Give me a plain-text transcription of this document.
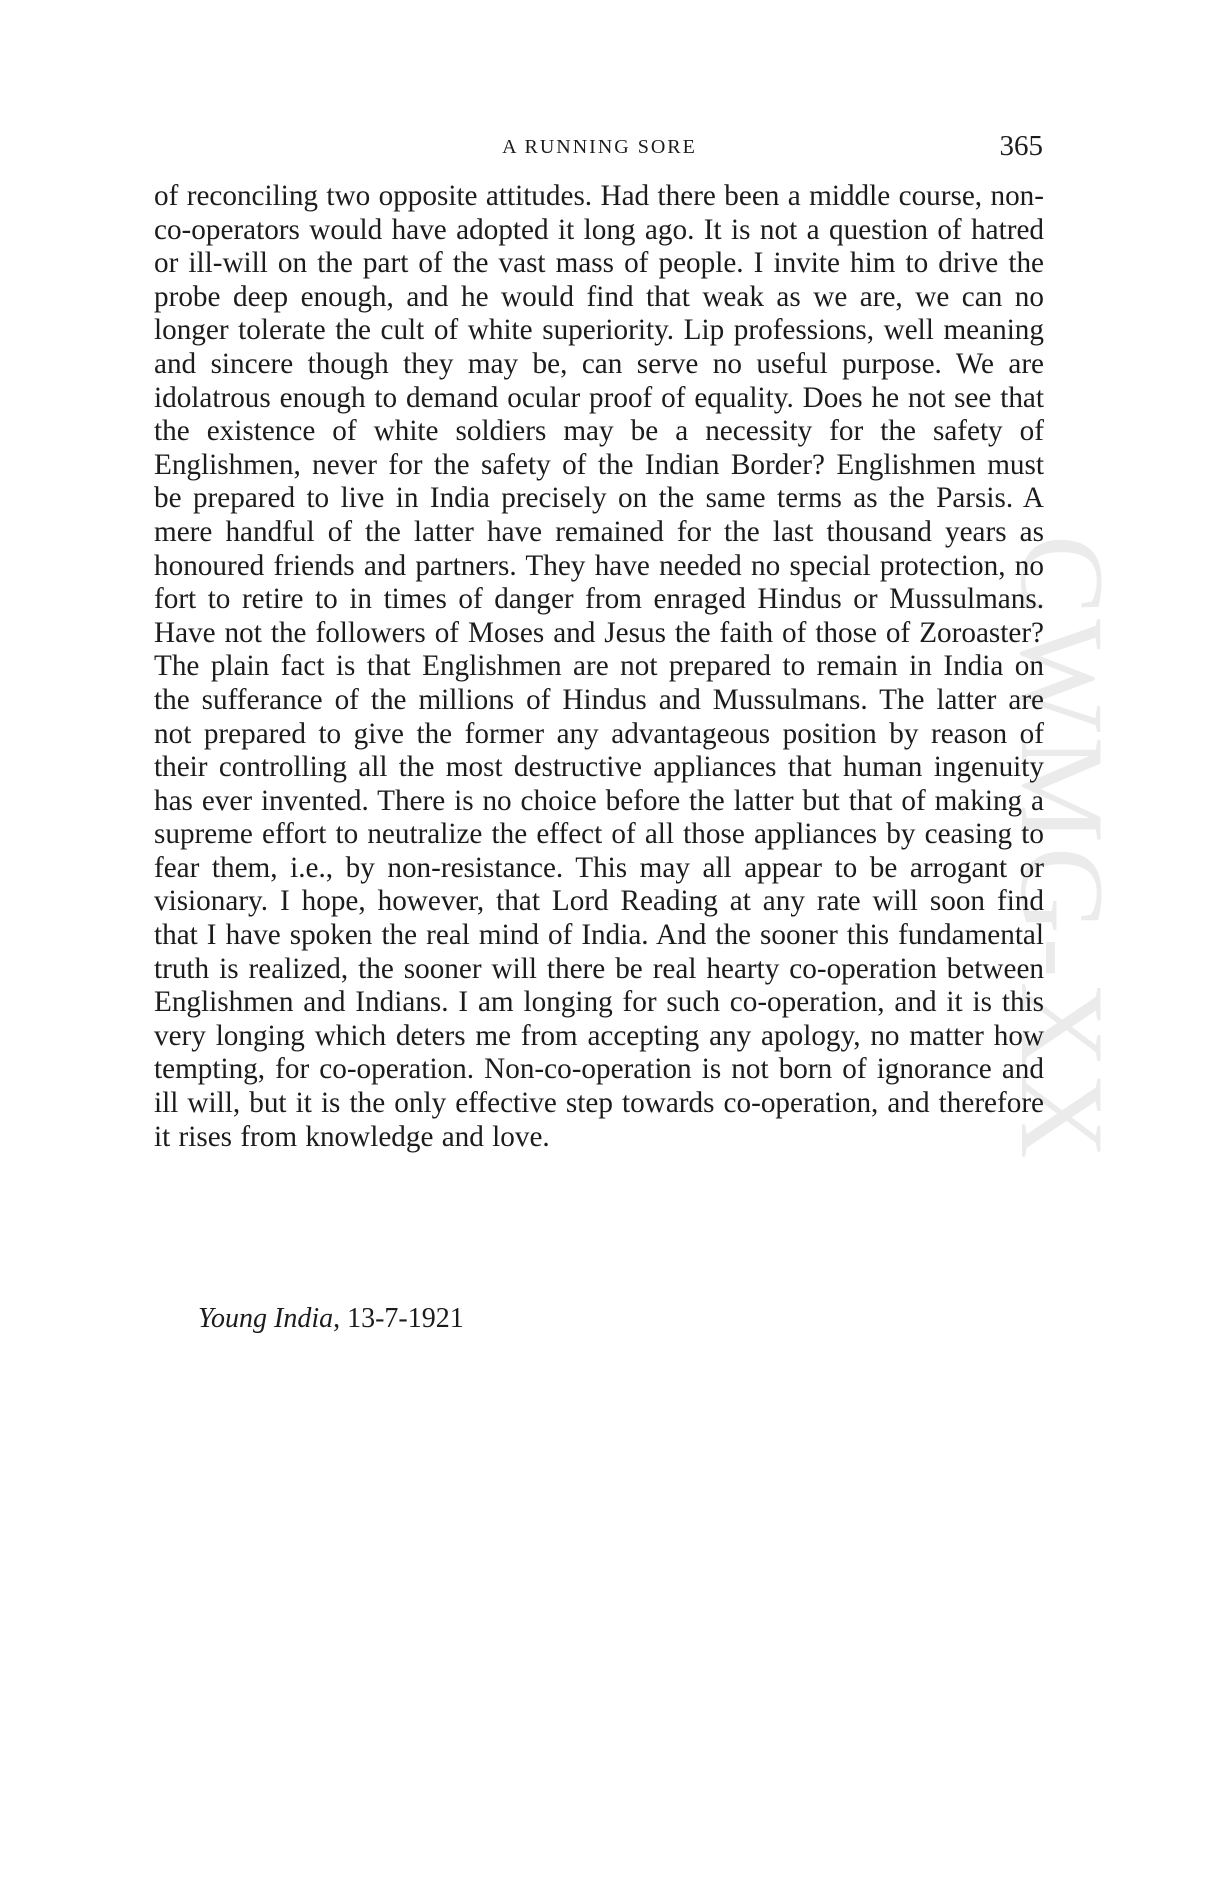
CWMG-XX
A RUNNING SORE	365

of reconciling two opposite attitudes. Had there been a middle course, non-co-operators would have adopted it long ago. It is not a question of hatred or ill-will on the part of the vast mass of people. I invite him to drive the probe deep enough, and he would find that weak as we are, we can no longer tolerate the cult of white superiority. Lip professions, well meaning and sincere though they may be, can serve no useful purpose. We are idolatrous enough to demand ocular proof of equality. Does he not see that the existence of white soldiers may be a necessity for the safety of Englishmen, never for the safety of the Indian Border? Englishmen must be prepared to live in India precisely on the same terms as the Parsis. A mere handful of the latter have remained for the last thousand years as honoured friends and partners. They have needed no special protection, no fort to retire to in times of danger from enraged Hindus or Mussulmans. Have not the followers of Moses and Jesus the faith of those of Zoroaster? The plain fact is that Englishmen are not prepared to remain in India on the sufferance of the millions of Hindus and Mussulmans. The latter are not prepared to give the former any advantageous position by reason of their controlling all the most destructive appliances that human ingenuity has ever invented. There is no choice before the latter but that of making a supreme effort to neutralize the effect of all those appliances by ceasing to fear them, i.e., by non-resistance. This may all appear to be arrogant or visionary. I hope, however, that Lord Reading at any rate will soon find that I have spoken the real mind of India. And the sooner this fundamental truth is realized, the sooner will there be real hearty co-operation between Englishmen and Indians. I am longing for such co-operation, and it is this very longing which deters me from accepting any apology, no matter how tempting, for co-operation. Non-co-operation is not born of ignorance and ill will, but it is the only effective step towards co-operation, and therefore it rises from knowledge and love.

Young India, 13-7-1921
